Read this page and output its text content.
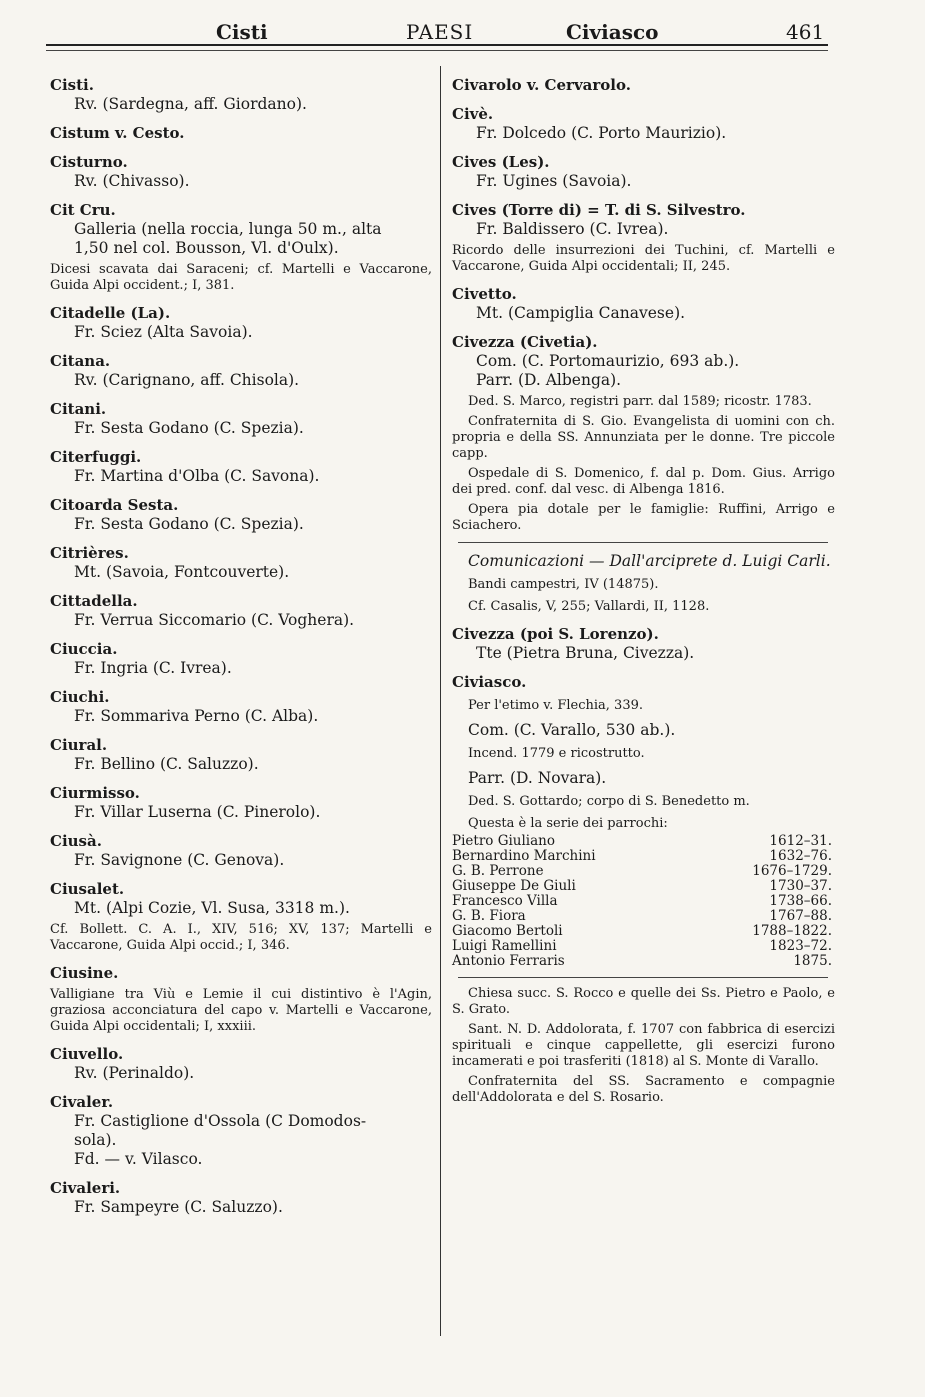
Cisti	PAESI	Civiasco	461
Cisti.
Rv. (Sardegna, aff. Giordano).
Cistum v. Cesto.
Cisturno.
Rv. (Chivasso).
Cit Cru.
Galleria (nella roccia, lunga 50 m., alta
1,50 nel col. Bousson, Vl. d'Oulx).
Dicesi scavata dai Saraceni; cf. Martelli e Vaccarone, Guida Alpi occident.; I, 381.
Citadelle (La).
Fr. Sciez (Alta Savoia).
Citana.
Rv. (Carignano, aff. Chisola).
Citani.
Fr. Sesta Godano (C. Spezia).
Citerfuggi.
Fr. Martina d'Olba (C. Savona).
Citoarda Sesta.
Fr. Sesta Godano (C. Spezia).
Citrières.
Mt. (Savoia, Fontcouverte).
Cittadella.
Fr. Verrua Siccomario (C. Voghera).
Ciuccia.
Fr. Ingria (C. Ivrea).
Ciuchi.
Fr. Sommariva Perno (C. Alba).
Ciural.
Fr. Bellino (C. Saluzzo).
Ciurmisso.
Fr. Villar Luserna (C. Pinerolo).
Ciusà.
Fr. Savignone (C. Genova).
Ciusalet.
Mt. (Alpi Cozie, Vl. Susa, 3318 m.).
Cf. Bollett. C. A. I., XIV, 516; XV, 137; Martelli e Vaccarone, Guida Alpi occid.; I, 346.
Ciusine.
Valligiane tra Viù e Lemie il cui distintivo è l'Agin, graziosa acconciatura del capo v. Martelli e Vaccarone, Guida Alpi occidentali; I, xxxiii.
Ciuvello.
Rv. (Perinaldo).
Civaler.
Fr. Castiglione d'Ossola (C Domodos-
sola).
Fd. — v. Vilasco.
Civaleri.
Fr. Sampeyre (C. Saluzzo).
Civarolo v. Cervarolo.
Civè.
Fr. Dolcedo (C. Porto Maurizio).
Cives (Les).
Fr. Ugines (Savoia).
Cives (Torre di) = T. di S. Silvestro.
Fr. Baldissero (C. Ivrea).
Ricordo delle insurrezioni dei Tuchini, cf. Martelli e Vaccarone, Guida Alpi occidentali; II, 245.
Civetto.
Mt. (Campiglia Canavese).
Civezza (Civetia).
Com. (C. Portomaurizio, 693 ab.).
Parr. (D. Albenga).
Ded. S. Marco, registri parr. dal 1589; ricostr. 1783.
Confraternita di S. Gio. Evangelista di uomini con ch. propria e della SS. Annunziata per le donne. Tre piccole capp.
Ospedale di S. Domenico, f. dal p. Dom. Gius. Arrigo dei pred. conf. dal vesc. di Albenga 1816.
Opera pia dotale per le famiglie: Ruffini, Arrigo e Sciachero.
Comunicazioni — Dall'arciprete d. Luigi Carli.
Bandi campestri, IV (14875).
Cf. Casalis, V, 255; Vallardi, II, 1128.
Civezza (poi S. Lorenzo).
Tte (Pietra Bruna, Civezza).
Civiasco.
Per l'etimo v. Flechia, 339.
Com. (C. Varallo, 530 ab.).
Incend. 1779 e ricostrutto.
Parr. (D. Novara).
Ded. S. Gottardo; corpo di S. Benedetto m.
Questa è la serie dei parrochi:
Pietro Giuliano	1612–31.
Bernardino Marchini	1632–76.
G. B. Perrone	1676–1729.
Giuseppe De Giuli	1730–37.
Francesco Villa	1738–66.
G. B. Fiora	1767–88.
Giacomo Bertoli	1788–1822.
Luigi Ramellini	1823–72.
Antonio Ferraris	1875.
Chiesa succ. S. Rocco e quelle dei Ss. Pietro e Paolo, e S. Grato.
Sant. N. D. Addolorata, f. 1707 con fabbrica di esercizi spirituali e cinque cappellette, gli esercizi furono incamerati e poi trasferiti (1818) al S. Monte di Varallo.
Confraternita del SS. Sacramento e compagnie dell'Addolorata e del S. Rosario.
